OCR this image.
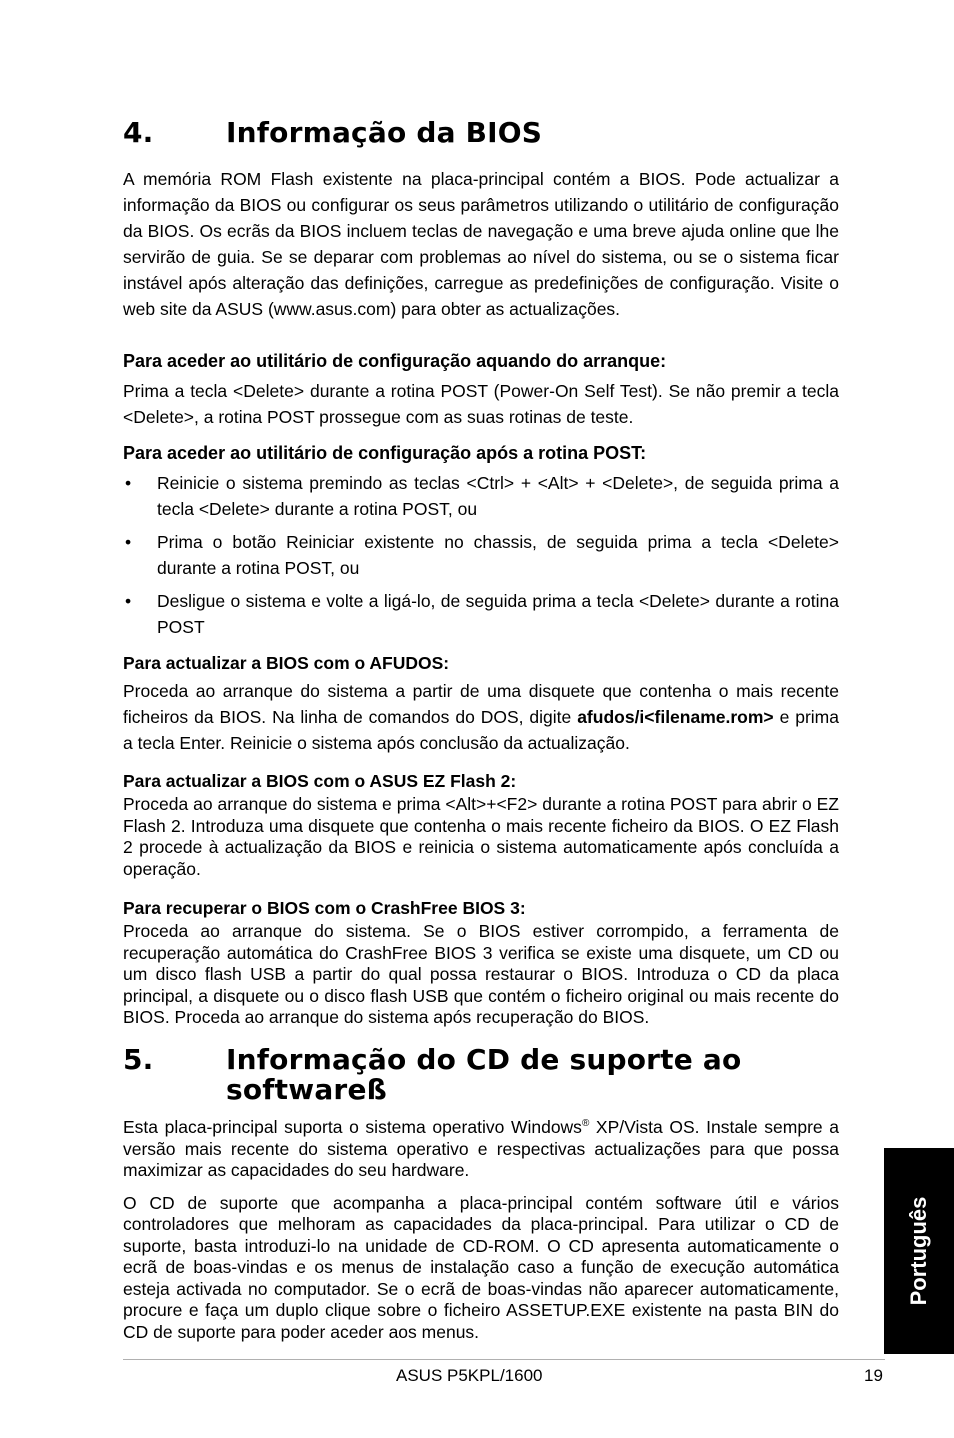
4.	Informação da BIOS

A memória ROM Flash existente na placa-principal contém a BIOS. Pode actualizar a informação da BIOS ou configurar os seus parâmetros utilizando o utilitário de configuração da BIOS. Os ecrãs da BIOS incluem teclas de navegação e uma breve ajuda online que lhe servirão de guia. Se se deparar com problemas ao nível do sistema, ou se o sistema ficar instável após alteração das definições, carregue as predefinições de configuração. Visite o web site da ASUS (www.asus.com) para obter as actualizações.

Para aceder ao utilitário de configuração aquando do arranque:

Prima a tecla <Delete> durante a rotina POST (Power-On Self Test). Se não premir a tecla <Delete>, a rotina POST prossegue com as suas rotinas de teste.

Para aceder ao utilitário de configuração após a rotina POST:
• Reinicie o sistema premindo as teclas <Ctrl> + <Alt> + <Delete>, de seguida prima a tecla <Delete> durante a rotina POST, ou
• Prima o botão Reiniciar existente no chassis, de seguida prima a tecla <Delete> durante a rotina POST, ou
• Desligue o sistema e volte a ligá-lo, de seguida prima a tecla <Delete> durante a rotina POST
Para actualizar a BIOS com o AFUDOS:

Proceda ao arranque do sistema a partir de uma disquete que contenha o mais recente ficheiros da BIOS. Na linha de comandos do DOS, digite afudos/i<filename.rom> e prima a tecla Enter. Reinicie o sistema após conclusão da actualização.

Para actualizar a BIOS com o ASUS EZ Flash 2:

Proceda ao arranque do sistema e prima <Alt>+<F2> durante a rotina POST para abrir o EZ Flash 2. Introduza uma disquete que contenha o mais recente ficheiro da BIOS. O EZ Flash 2 procede à actualização da BIOS e reinicia o sistema automaticamente após concluída a operação.

Para recuperar o BIOS com o CrashFree BIOS 3:

Proceda ao arranque do sistema. Se o BIOS estiver corrompido, a ferramenta de recuperação automática do CrashFree BIOS 3 verifica se existe uma disquete, um CD ou um disco flash USB a partir do qual possa restaurar o BIOS. Introduza o CD da placa principal, a disquete ou o disco flash USB que contém o ficheiro original ou mais recente do BIOS. Proceda ao arranque do sistema após recuperação do BIOS.

5.	Informação do CD de suporte ao softwareß

Esta placa-principal suporta o sistema operativo Windows® XP/Vista OS. Instale sempre a versão mais recente do sistema operativo e respectivas actualizações para que possa maximizar as capacidades do seu hardware.

O CD de suporte que acompanha a placa-principal contém software útil e vários controladores que melhoram as capacidades da placa-principal. Para utilizar o CD de suporte, basta introduzi-lo na unidade de CD-ROM. O CD apresenta automaticamente o ecrã de boas-vindas e os menus de instalação caso a função de execução automática esteja activada no computador. Se o ecrã de boas-vindas não aparecer automaticamente, procure e faça um duplo clique sobre o ficheiro ASSETUP.EXE existente na pasta BIN do CD de suporte para poder aceder aos menus.

Português
ASUS P5KPL/1600	19
